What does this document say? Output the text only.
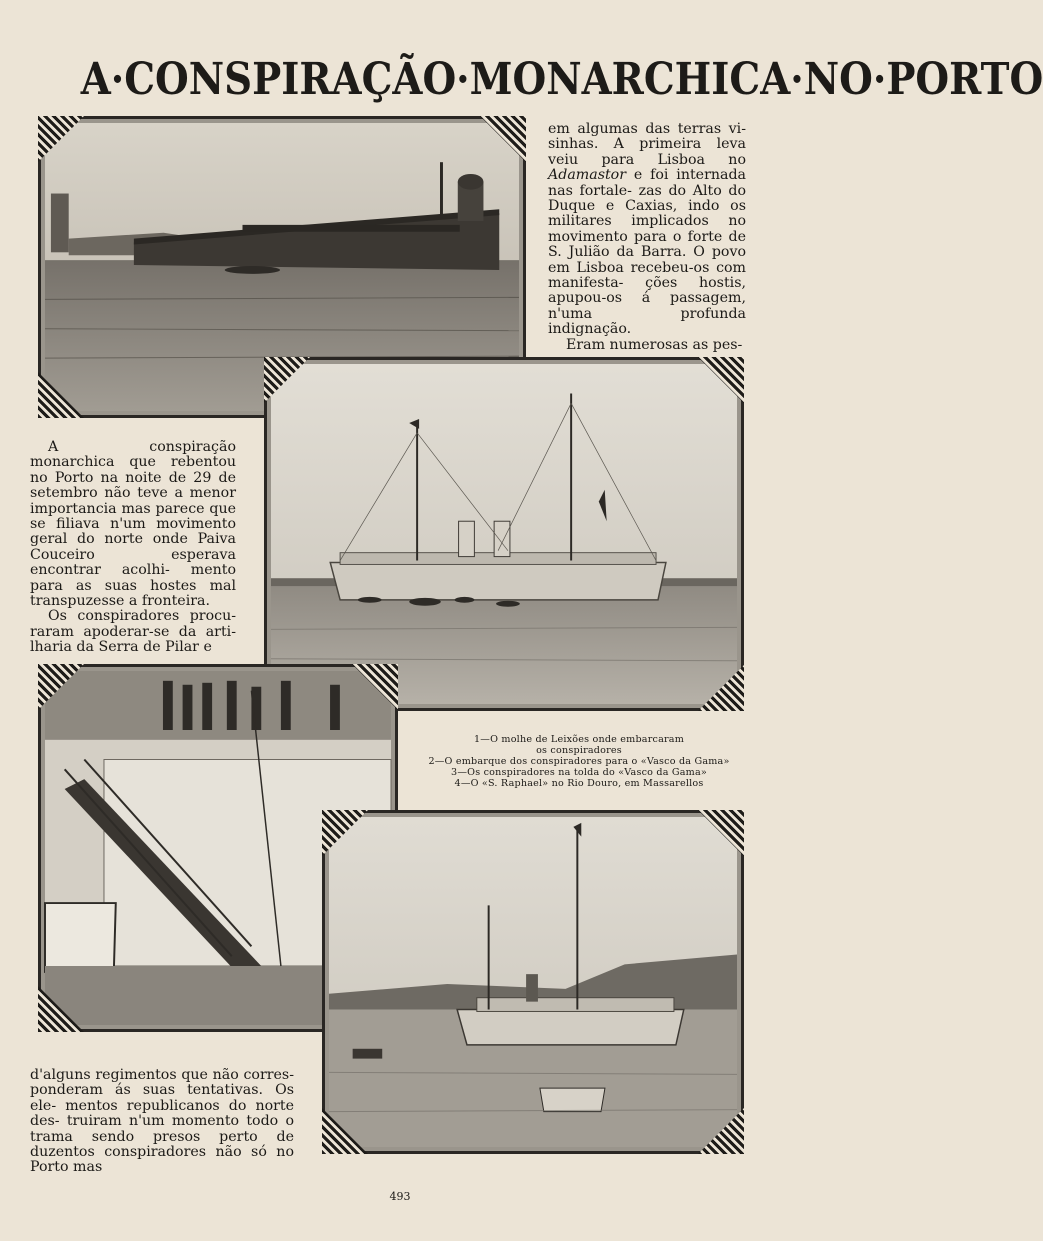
A·CONSPIRAÇÃO·MONARCHICA·NO·PORTO

em algumas das terras vi- sinhas. A primeira leva veiu para Lisboa no Adamastor e foi internada nas fortale- zas do Alto do Duque e Caxias, indo os militares implicados no movimento para o forte de S. Julião da Barra. O povo em Lisboa recebeu-os com manifesta- ções hostis, apupou-os á passagem, n'uma profunda indignação.

Eram numerosas as pes-

A conspiração monarchica que rebentou no Porto na noite de 29 de setembro não teve a menor importancia mas parece que se filiava n'um movimento geral do norte onde Paiva Couceiro	esperava encontrar acolhi- mento para as suas hostes mal transpuzesse a fronteira.

Os conspiradores procu- raram apoderar-se da arti- lharia da Serra de Pilar e

1—O molhe de Leixões onde embarcaram
os conspiradores
2—O embarque dos conspiradores para o «Vasco da Gama»
3—Os conspiradores na tolda do «Vasco da Gama»
4—O «S. Raphael» no Rio Douro, em Massarellos

d'alguns regimentos que não corres- ponderam ás suas tentativas. Os ele- mentos republicanos do norte des- truiram n'um momento todo o trama sendo presos perto de duzentos conspiradores não só no Porto mas

493
